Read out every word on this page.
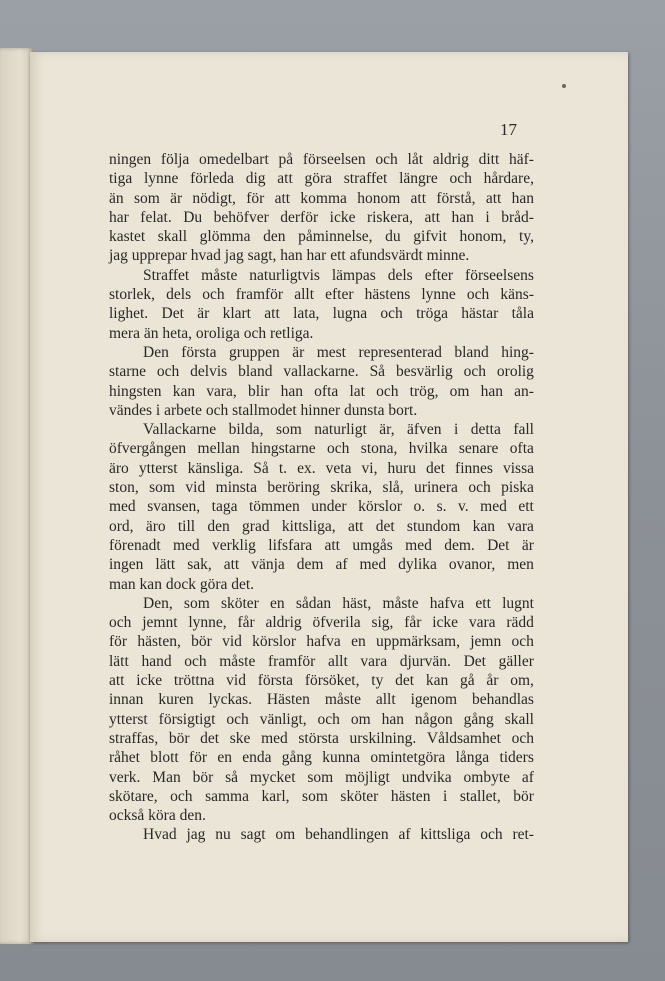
17
ningen följa omedelbart på förseelsen och låt aldrig ditt häf-
tiga lynne förleda dig att göra straffet längre och hårdare,
än som är nödigt, för att komma honom att förstå, att han
har felat. Du behöfver derför icke riskera, att han i bråd-
kastet skall glömma den påminnelse, du gifvit honom, ty,
jag upprepar hvad jag sagt, han har ett afundsvärdt minne.
Straffet måste naturligtvis lämpas dels efter förseelsens
storlek, dels och framför allt efter hästens lynne och käns-
lighet. Det är klart att lata, lugna och tröga hästar tåla
mera än heta, oroliga och retliga.
Den första gruppen är mest representerad bland hing-
starne och delvis bland vallackarne. Så besvärlig och orolig
hingsten kan vara, blir han ofta lat och trög, om han an-
vändes i arbete och stallmodet hinner dunsta bort.
Vallackarne bilda, som naturligt är, äfven i detta fall
öfvergången mellan hingstarne och stona, hvilka senare ofta
äro ytterst känsliga. Så t. ex. veta vi, huru det finnes vissa
ston, som vid minsta beröring skrika, slå, urinera och piska
med svansen, taga tömmen under körslor o. s. v. med ett
ord, äro till den grad kittsliga, att det stundom kan vara
förenadt med verklig lifsfara att umgås med dem. Det är
ingen lätt sak, att vänja dem af med dylika ovanor, men
man kan dock göra det.
Den, som sköter en sådan häst, måste hafva ett lugnt
och jemnt lynne, får aldrig öfverila sig, får icke vara rädd
för hästen, bör vid körslor hafva en uppmärksam, jemn och
lätt hand och måste framför allt vara djurvän. Det gäller
att icke tröttna vid första försöket, ty det kan gå år om,
innan kuren lyckas. Hästen måste allt igenom behandlas
ytterst försigtigt och vänligt, och om han någon gång skall
straffas, bör det ske med största urskilning. Våldsamhet och
råhet blott för en enda gång kunna omintetgöra långa tiders
verk. Man bör så mycket som möjligt undvika ombyte af
skötare, och samma karl, som sköter hästen i stallet, bör
också köra den.
Hvad jag nu sagt om behandlingen af kittsliga och ret-
